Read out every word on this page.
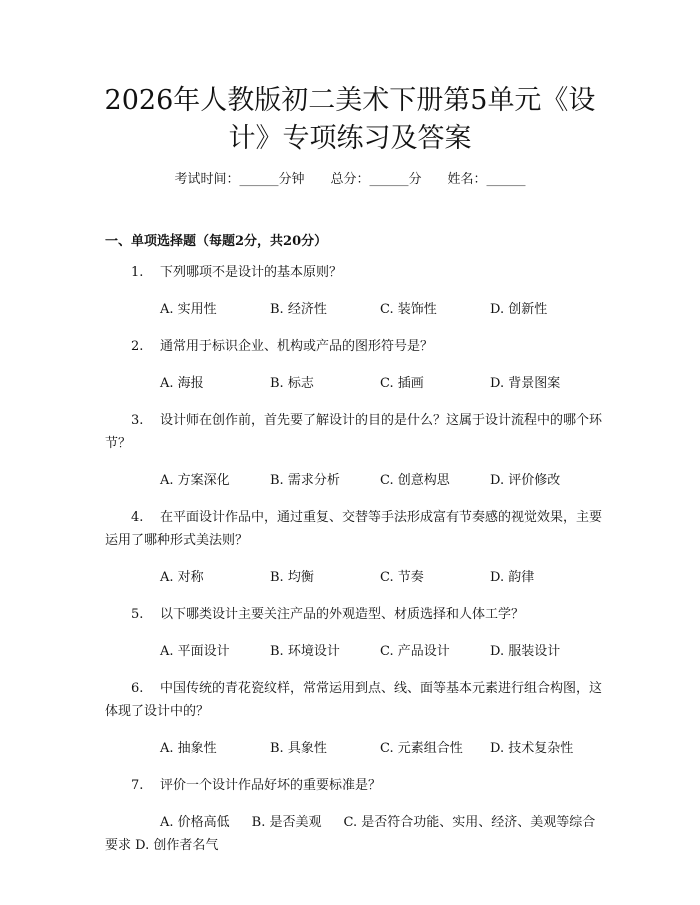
2026年人教版初二美术下册第5单元《设计》专项练习及答案
考试时间：______分钟 总分：______分 姓名：______
一、单项选择题（每题2分，共20分）

1. 下列哪项不是设计的基本原则？

A. 实用性	B. 经济性	C. 装饰性	D. 创新性

2. 通常用于标识企业、机构或产品的图形符号是？

A. 海报	B. 标志	C. 插画	D. 背景图案

3. 设计师在创作前，首先要了解设计的目的是什么？这属于设计流程中的哪个环节？

A. 方案深化	B. 需求分析	C. 创意构思	D. 评价修改

4. 在平面设计作品中，通过重复、交替等手法形成富有节奏感的视觉效果，主要运用了哪种形式美法则？

A. 对称	B. 均衡	C. 节奏	D. 韵律

5. 以下哪类设计主要关注产品的外观造型、材质选择和人体工学？

A. 平面设计	B. 环境设计	C. 产品设计	D. 服装设计

6. 中国传统的青花瓷纹样，常常运用到点、线、面等基本元素进行组合构图，这体现了设计中的？

A. 抽象性	B. 具象性	C. 元素组合性	D. 技术复杂性

7. 评价一个设计作品好坏的重要标准是？

A. 价格高低 B. 是否美观 C. 是否符合功能、实用、经济、美观等综合要求 D. 创作者名气
